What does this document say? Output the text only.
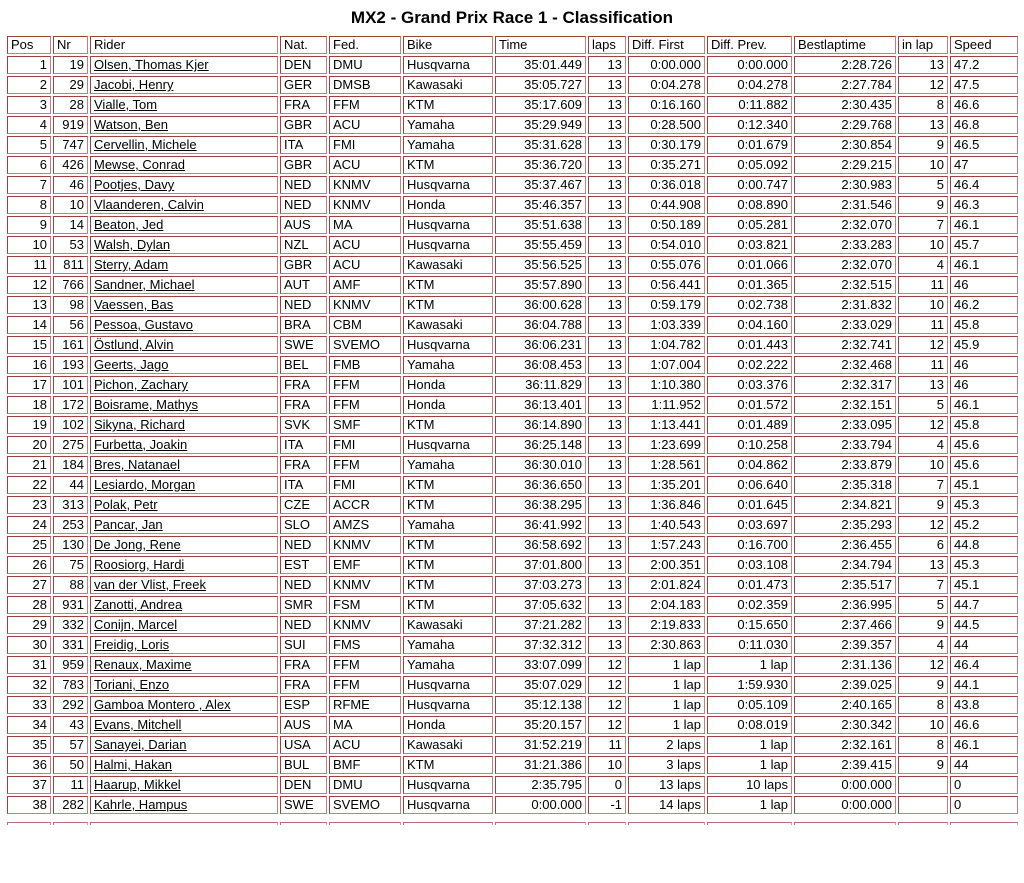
MX2 - Grand Prix Race 1 - Classification
Pos	Nr	Rider	Nat.	Fed.	Bike	Time	laps	Diff. First	Diff. Prev.	Bestlaptime	in lap	Speed
1	19	Olsen, Thomas Kjer	DEN	DMU	Husqvarna	35:01.449	13	0:00.000	0:00.000	2:28.726	13	47.2
2	29	Jacobi, Henry	GER	DMSB	Kawasaki	35:05.727	13	0:04.278	0:04.278	2:27.784	12	47.5
3	28	Vialle, Tom	FRA	FFM	KTM	35:17.609	13	0:16.160	0:11.882	2:30.435	8	46.6
4	919	Watson, Ben	GBR	ACU	Yamaha	35:29.949	13	0:28.500	0:12.340	2:29.768	13	46.8
5	747	Cervellin, Michele	ITA	FMI	Yamaha	35:31.628	13	0:30.179	0:01.679	2:30.854	9	46.5
6	426	Mewse, Conrad	GBR	ACU	KTM	35:36.720	13	0:35.271	0:05.092	2:29.215	10	47
7	46	Pootjes, Davy	NED	KNMV	Husqvarna	35:37.467	13	0:36.018	0:00.747	2:30.983	5	46.4
8	10	Vlaanderen, Calvin	NED	KNMV	Honda	35:46.357	13	0:44.908	0:08.890	2:31.546	9	46.3
9	14	Beaton, Jed	AUS	MA	Husqvarna	35:51.638	13	0:50.189	0:05.281	2:32.070	7	46.1
10	53	Walsh, Dylan	NZL	ACU	Husqvarna	35:55.459	13	0:54.010	0:03.821	2:33.283	10	45.7
11	811	Sterry, Adam	GBR	ACU	Kawasaki	35:56.525	13	0:55.076	0:01.066	2:32.070	4	46.1
12	766	Sandner, Michael	AUT	AMF	KTM	35:57.890	13	0:56.441	0:01.365	2:32.515	11	46
13	98	Vaessen, Bas	NED	KNMV	KTM	36:00.628	13	0:59.179	0:02.738	2:31.832	10	46.2
14	56	Pessoa, Gustavo	BRA	CBM	Kawasaki	36:04.788	13	1:03.339	0:04.160	2:33.029	11	45.8
15	161	Östlund, Alvin	SWE	SVEMO	Husqvarna	36:06.231	13	1:04.782	0:01.443	2:32.741	12	45.9
16	193	Geerts, Jago	BEL	FMB	Yamaha	36:08.453	13	1:07.004	0:02.222	2:32.468	11	46
17	101	Pichon, Zachary	FRA	FFM	Honda	36:11.829	13	1:10.380	0:03.376	2:32.317	13	46
18	172	Boisrame, Mathys	FRA	FFM	Honda	36:13.401	13	1:11.952	0:01.572	2:32.151	5	46.1
19	102	Sikyna, Richard	SVK	SMF	KTM	36:14.890	13	1:13.441	0:01.489	2:33.095	12	45.8
20	275	Furbetta, Joakin	ITA	FMI	Husqvarna	36:25.148	13	1:23.699	0:10.258	2:33.794	4	45.6
21	184	Bres, Natanael	FRA	FFM	Yamaha	36:30.010	13	1:28.561	0:04.862	2:33.879	10	45.6
22	44	Lesiardo, Morgan	ITA	FMI	KTM	36:36.650	13	1:35.201	0:06.640	2:35.318	7	45.1
23	313	Polak, Petr	CZE	ACCR	KTM	36:38.295	13	1:36.846	0:01.645	2:34.821	9	45.3
24	253	Pancar, Jan	SLO	AMZS	Yamaha	36:41.992	13	1:40.543	0:03.697	2:35.293	12	45.2
25	130	De Jong, Rene	NED	KNMV	KTM	36:58.692	13	1:57.243	0:16.700	2:36.455	6	44.8
26	75	Roosiorg, Hardi	EST	EMF	KTM	37:01.800	13	2:00.351	0:03.108	2:34.794	13	45.3
27	88	van der Vlist, Freek	NED	KNMV	KTM	37:03.273	13	2:01.824	0:01.473	2:35.517	7	45.1
28	931	Zanotti, Andrea	SMR	FSM	KTM	37:05.632	13	2:04.183	0:02.359	2:36.995	5	44.7
29	332	Conijn, Marcel	NED	KNMV	Kawasaki	37:21.282	13	2:19.833	0:15.650	2:37.466	9	44.5
30	331	Freidig, Loris	SUI	FMS	Yamaha	37:32.312	13	2:30.863	0:11.030	2:39.357	4	44
31	959	Renaux, Maxime	FRA	FFM	Yamaha	33:07.099	12	1 lap	1 lap	2:31.136	12	46.4
32	783	Toriani, Enzo	FRA	FFM	Husqvarna	35:07.029	12	1 lap	1:59.930	2:39.025	9	44.1
33	292	Gamboa Montero , Alex	ESP	RFME	Husqvarna	35:12.138	12	1 lap	0:05.109	2:40.165	8	43.8
34	43	Evans, Mitchell	AUS	MA	Honda	35:20.157	12	1 lap	0:08.019	2:30.342	10	46.6
35	57	Sanayei, Darian	USA	ACU	Kawasaki	31:52.219	11	2 laps	1 lap	2:32.161	8	46.1
36	50	Halmi, Hakan	BUL	BMF	KTM	31:21.386	10	3 laps	1 lap	2:39.415	9	44
37	11	Haarup, Mikkel	DEN	DMU	Husqvarna	2:35.795	0	13 laps	10 laps	0:00.000		0
38	282	Kahrle, Hampus	SWE	SVEMO	Husqvarna	0:00.000	-1	14 laps	1 lap	0:00.000		0
